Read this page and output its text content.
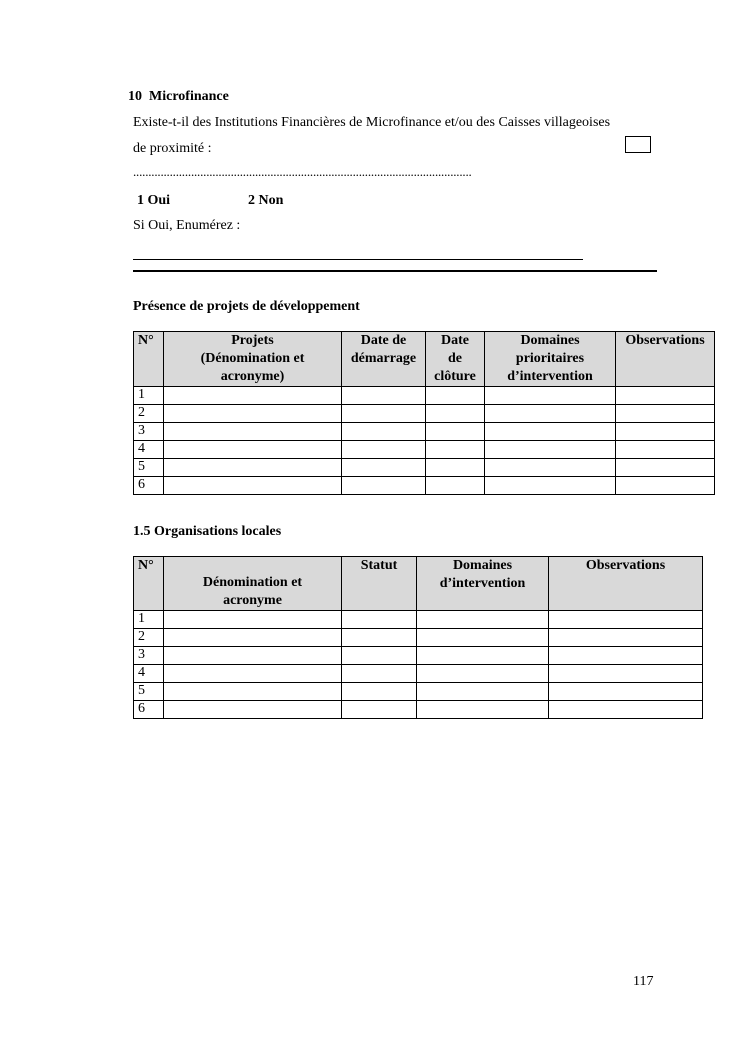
10 Microfinance
Existe-t-il des Institutions Financières de Microfinance et/ou des Caisses villageoises
de proximité :
...............................................................................................................
1 Oui	2 Non
Si Oui, Enumérez :
Présence de projets de développement
N°	Projets
(Dénomination et
acronyme)	Date de
démarrage	Date
de
clôture	Domaines
prioritaires
d’intervention	Observations
1					
2					
3					
4					
5					
6					
1.5 Organisations locales
N°	Dénomination et
acronyme	Statut	Domaines
d’intervention	Observations
1				
2				
3				
4				
5				
6				
117
